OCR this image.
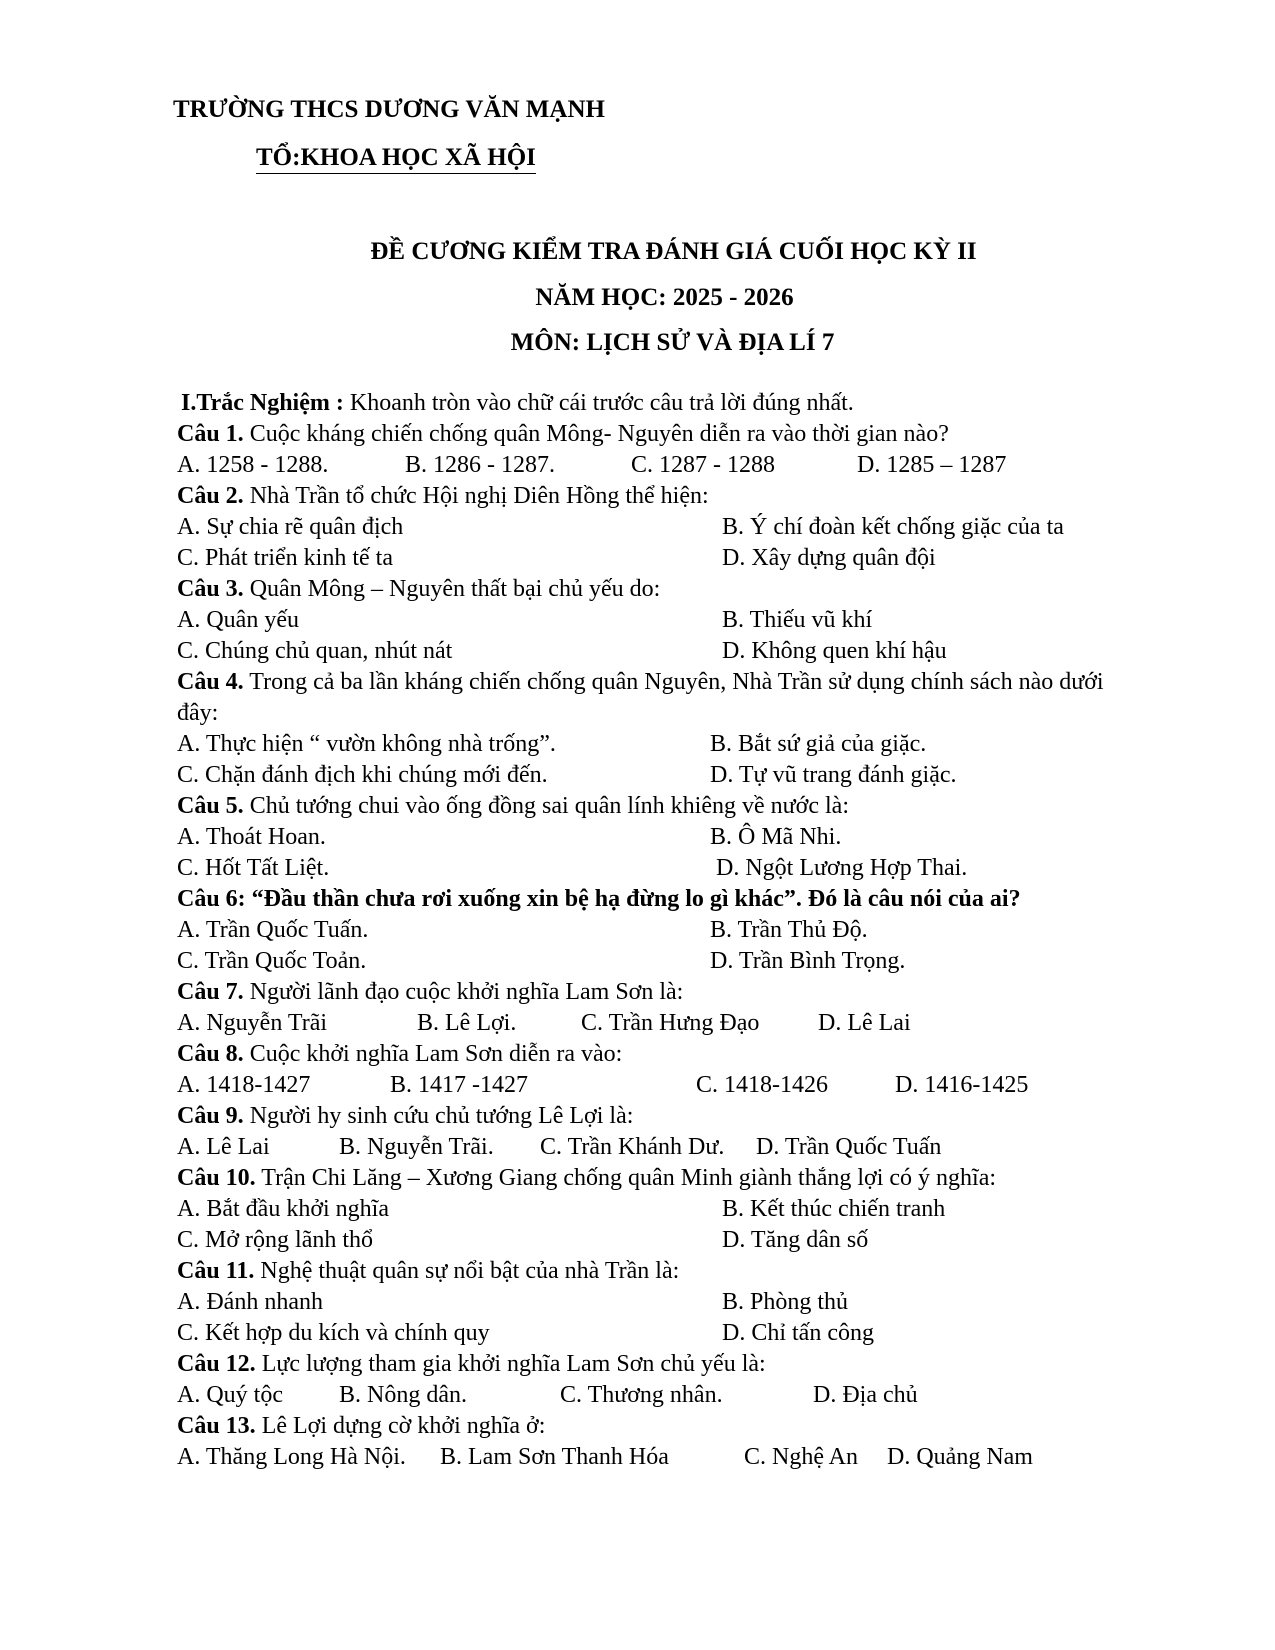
TRƯỜNG THCS DƯƠNG VĂN MẠNH
TỔ:KHOA HỌC XÃ HỘI
ĐỀ CƯƠNG KIỂM TRA ĐÁNH GIÁ CUỐI HỌC KỲ II
NĂM HỌC: 2025 - 2026
MÔN: LỊCH SỬ VÀ ĐỊA LÍ 7
I.Trắc Nghiệm : Khoanh tròn vào chữ cái trước câu trả lời đúng nhất.
Câu 1. Cuộc kháng chiến chống quân Mông- Nguyên diễn ra vào thời gian nào?
A. 1258 - 1288.	B. 1286 - 1287.	C. 1287 - 1288	D. 1285 – 1287
Câu 2. Nhà Trần tổ chức Hội nghị Diên Hồng thể hiện:
A. Sự chia rẽ quân địch	B. Ý chí đoàn kết chống giặc của ta
C. Phát triển kinh tế ta	D. Xây dựng quân đội
Câu 3. Quân Mông – Nguyên thất bại chủ yếu do:
A. Quân yếu	B. Thiếu vũ khí
C. Chúng chủ quan, nhút nát	D. Không quen khí hậu
Câu 4. Trong cả ba lần kháng chiến chống quân Nguyên, Nhà Trần sử dụng chính sách nào dưới đây:
A. Thực hiện “ vườn không nhà trống”.	B. Bắt sứ giả của giặc.
C. Chặn đánh địch khi chúng mới đến.	D. Tự vũ trang đánh giặc.
Câu 5. Chủ tướng chui vào ống đồng sai quân lính khiêng về nước là:
A. Thoát Hoan.	B. Ô Mã Nhi.
C. Hốt Tất Liệt.	D. Ngột Lương Hợp Thai.
Câu 6: “Đầu thần chưa rơi xuống xin bệ hạ đừng lo gì khác”. Đó là câu nói của ai?
A. Trần Quốc Tuấn.	B. Trần Thủ Độ.
C. Trần Quốc Toản.	D. Trần Bình Trọng.
Câu 7. Người lãnh đạo cuộc khởi nghĩa Lam Sơn là:
A. Nguyễn Trãi	B. Lê Lợi.	C. Trần Hưng Đạo	D. Lê Lai
Câu 8. Cuộc khởi nghĩa Lam Sơn diễn ra vào:
A. 1418-1427	B. 1417 -1427	C. 1418-1426	D. 1416-1425
Câu 9. Người hy sinh cứu chủ tướng Lê Lợi là:
A. Lê Lai	B. Nguyễn Trãi.	C. Trần Khánh Dư.	D. Trần Quốc Tuấn
Câu 10. Trận Chi Lăng – Xương Giang chống quân Minh giành thắng lợi có ý nghĩa:
A. Bắt đầu khởi nghĩa	B. Kết thúc chiến tranh
C. Mở rộng lãnh thổ	D. Tăng dân số
Câu 11. Nghệ thuật quân sự nổi bật của nhà Trần là:
A. Đánh nhanh	B. Phòng thủ
C. Kết hợp du kích và chính quy	D. Chỉ tấn công
Câu 12. Lực lượng tham gia khởi nghĩa Lam Sơn chủ yếu là:
A. Quý tộc	B. Nông dân.	C. Thương nhân.	D. Địa chủ
Câu 13. Lê Lợi dựng cờ khởi nghĩa ở:
A. Thăng Long Hà Nội.	B. Lam Sơn Thanh Hóa	C. Nghệ An	D. Quảng Nam
